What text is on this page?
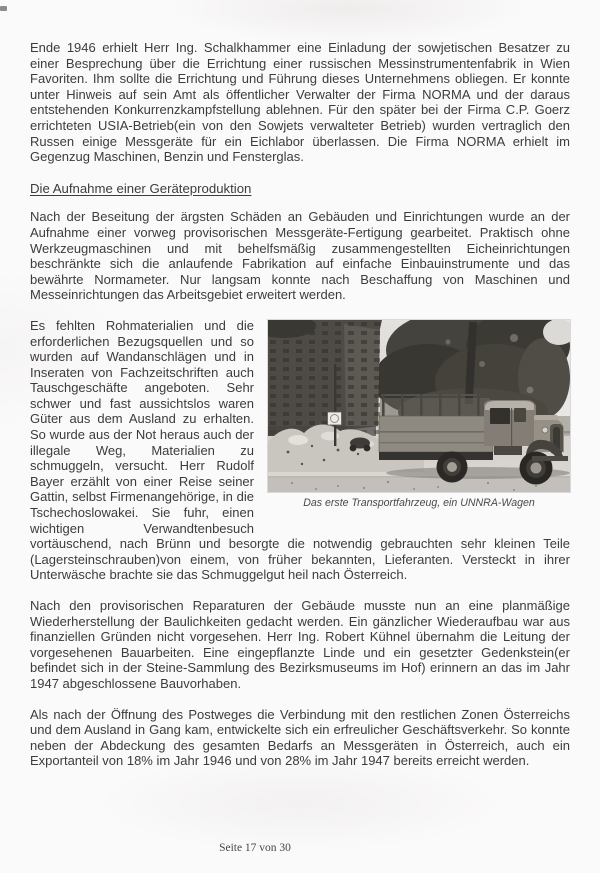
Ende 1946 erhielt Herr Ing. Schalkhammer eine Einladung der sowjetischen Besatzer zu einer Besprechung über die Errichtung einer russischen Messinstrumentenfabrik in Wien Favoriten. Ihm sollte die Errichtung und Führung dieses Unternehmens obliegen. Er konnte unter Hinweis auf sein Amt als öffentlicher Verwalter der Firma NORMA und der daraus entstehenden Konkurrenzkampfstellung ablehnen. Für den später bei der Firma C.P. Goerz errichteten USIA-Betrieb(ein von den Sowjets verwalteter Betrieb) wurden vertraglich den Russen einige Messgeräte für ein Eichlabor überlassen. Die Firma NORMA erhielt im Gegenzug Maschinen, Benzin und Fensterglas.

Die Aufnahme einer Geräteproduktion

Nach der Beseitung der ärgsten Schäden an Gebäuden und Einrichtungen wurde an der Aufnahme einer vorweg provisorischen Messgeräte-Fertigung gearbeitet. Praktisch ohne Werkzeugmaschinen und mit behelfsmäßig zusammengestellten Eicheinrichtungen beschränkte sich die anlaufende Fabrikation auf einfache Einbauinstrumente und das bewährte Normameter. Nur langsam konnte nach Beschaffung von Maschinen und Messeinrichtungen das Arbeitsgebiet erweitert werden.

Das erste Transportfahrzeug, ein UNNRA-Wagen
Es fehlten Rohmaterialien und die erforderlichen Bezugsquellen und so wurden auf Wandanschlägen und in Inseraten von Fachzeitschriften auch Tauschgeschäfte angeboten. Sehr schwer und fast aussichtslos waren Güter aus dem Ausland zu erhalten. So wurde aus der Not heraus auch der illegale Weg, Materialien zu schmuggeln, versucht. Herr Rudolf Bayer erzählt von einer Reise seiner Gattin, selbst Firmenangehörige, in die Tschechoslowakei. Sie fuhr, einen wichtigen Verwandtenbesuch vortäuschend, nach Brünn und besorgte die notwendig gebrauchten sehr kleinen Teile (Lagersteinschrauben)von einem, von früher bekannten, Lieferanten. Versteckt in ihrer Unterwäsche brachte sie das Schmuggelgut heil nach Österreich.

Nach den provisorischen Reparaturen der Gebäude musste nun an eine planmäßige Wiederherstellung der Baulichkeiten gedacht werden. Ein gänzlicher Wiederaufbau war aus finanziellen Gründen nicht vorgesehen. Herr Ing. Robert Kühnel übernahm die Leitung der vorgesehenen Bauarbeiten. Eine eingepflanzte Linde und ein gesetzter Gedenkstein(er befindet sich in der Steine-Sammlung des Bezirksmuseums im Hof) erinnern an das im Jahr 1947 abgeschlossene Bauvorhaben.

Als nach der Öffnung des Postweges die Verbindung mit den restlichen Zonen Österreichs und dem Ausland in Gang kam, entwickelte sich ein erfreulicher Geschäftsverkehr. So konnte neben der Abdeckung des gesamten Bedarfs an Messgeräten in Österreich, auch ein Exportanteil von 18% im Jahr 1946 und von 28% im Jahr 1947 bereits erreicht werden.

Seite 17 von 30
